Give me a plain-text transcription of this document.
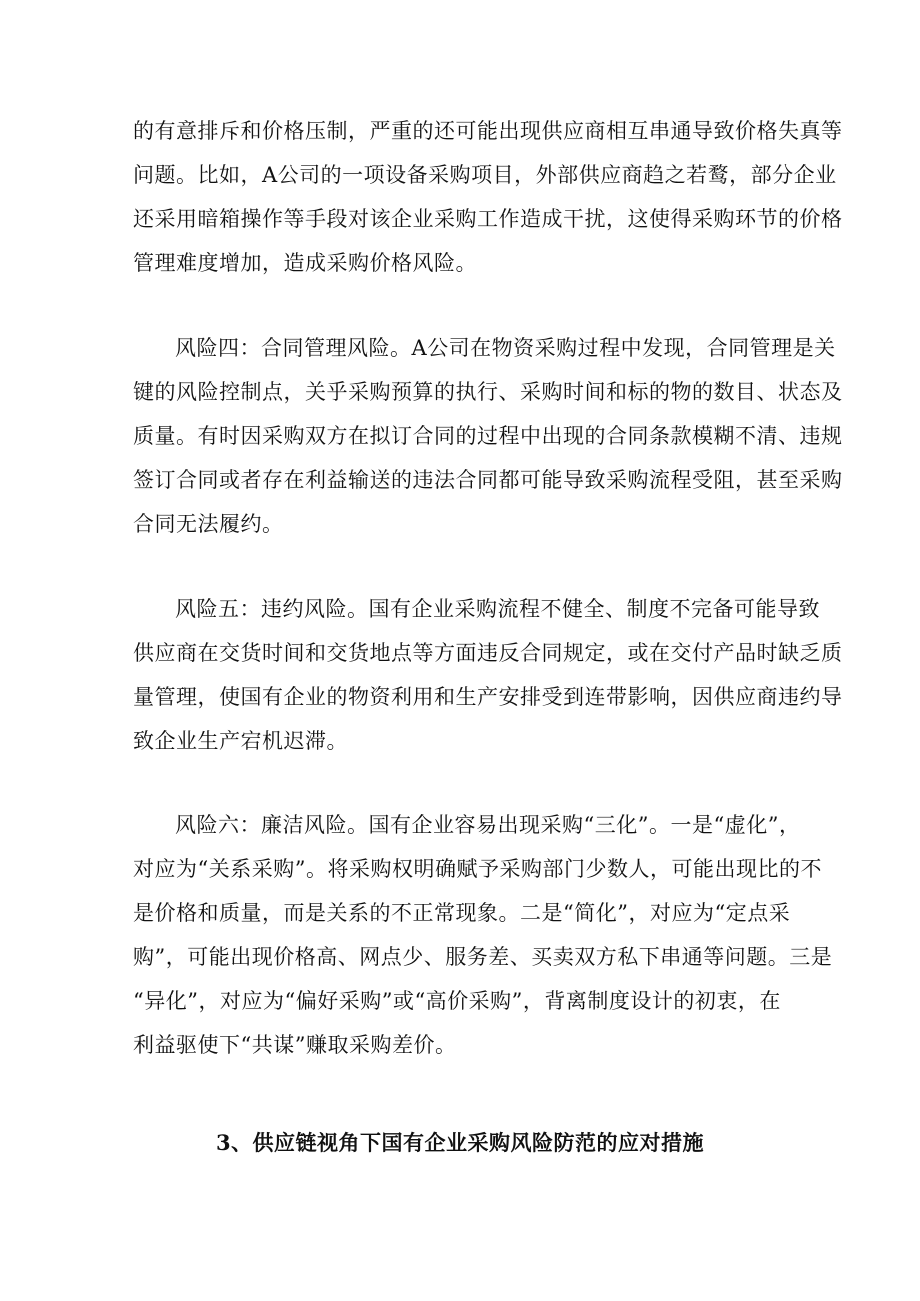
的有意排斥和价格压制，严重的还可能出现供应商相互串通导致价格失真等
问题。比如，A公司的一项设备采购项目，外部供应商趋之若鹜，部分企业
还采用暗箱操作等手段对该企业采购工作造成干扰，这使得采购环节的价格
管理难度增加，造成采购价格风险。
风险四：合同管理风险。A公司在物资采购过程中发现，合同管理是关
键的风险控制点，关乎采购预算的执行、采购时间和标的物的数目、状态及
质量。有时因采购双方在拟订合同的过程中出现的合同条款模糊不清、违规
签订合同或者存在利益输送的违法合同都可能导致采购流程受阻，甚至采购
合同无法履约。
风险五：违约风险。国有企业采购流程不健全、制度不完备可能导致
供应商在交货时间和交货地点等方面违反合同规定，或在交付产品时缺乏质
量管理，使国有企业的物资利用和生产安排受到连带影响，因供应商违约导
致企业生产宕机迟滞。
风险六：廉洁风险。国有企业容易出现采购“三化”。一是“虚化”，
对应为“关系采购”。将采购权明确赋予采购部门少数人，可能出现比的不
是价格和质量，而是关系的不正常现象。二是“简化”，对应为“定点采
购”，可能出现价格高、网点少、服务差、买卖双方私下串通等问题。三是
“异化”，对应为“偏好采购”或“高价采购”，背离制度设计的初衷，在
利益驱使下“共谋”赚取采购差价。
3、供应链视角下国有企业采购风险防范的应对措施
